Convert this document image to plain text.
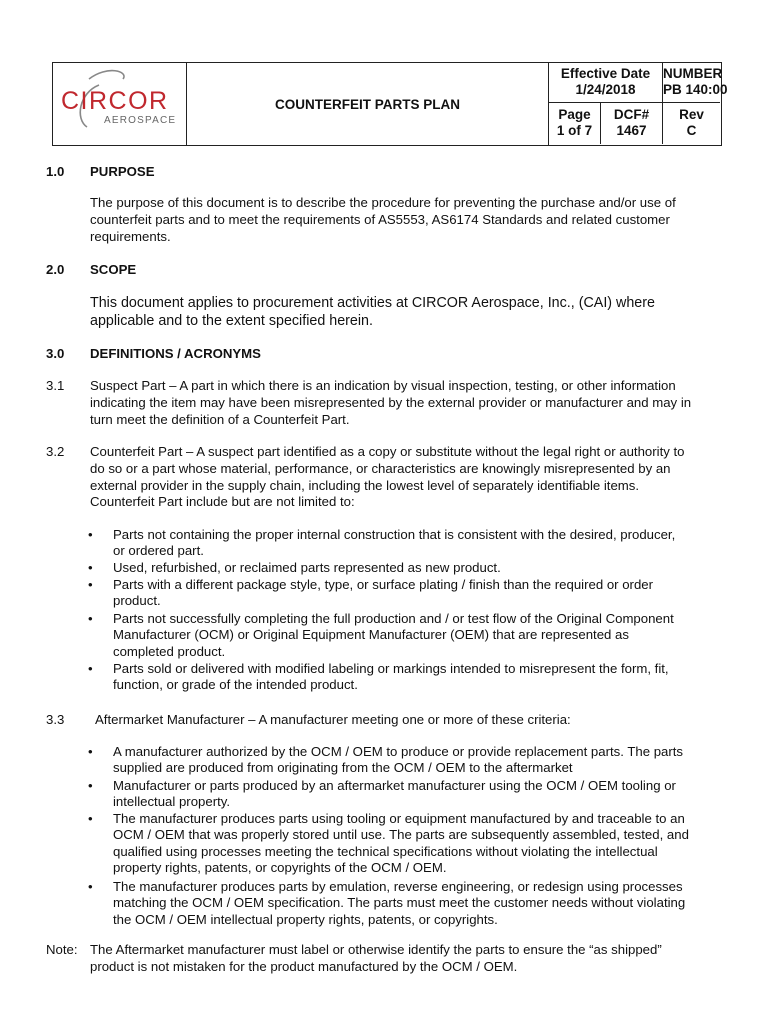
CIRCOR
AEROSPACE
COUNTERFEIT PARTS PLAN
Effective Date
1/24/2018
NUMBER
PB 140:00
Page
1 of 7
DCF#
1467
Rev
C
1.0 PURPOSE
The purpose of this document is to describe the procedure for preventing the purchase and/or use of
counterfeit parts and to meet the requirements of AS5553, AS6174 Standards and related customer
requirements.
2.0 SCOPE
This document applies to procurement activities at CIRCOR Aerospace, Inc., (CAI) where
applicable and to the extent specified herein.
3.0 DEFINITIONS / ACRONYMS
3.1 Suspect Part – A part in which there is an indication by visual inspection, testing, or other information
indicating the item may have been misrepresented by the external provider or manufacturer and may in
turn meet the definition of a Counterfeit Part.
3.2 Counterfeit Part – A suspect part identified as a copy or substitute without the legal right or authority to
do so or a part whose material, performance, or characteristics are knowingly misrepresented by an
external provider in the supply chain, including the lowest level of separately identifiable items.
Counterfeit Part include but are not limited to:
• Parts not containing the proper internal construction that is consistent with the desired, producer,
or ordered part.
• Used, refurbished, or reclaimed parts represented as new product.
• Parts with a different package style, type, or surface plating / finish than the required or order
product.
• Parts not successfully completing the full production and / or test flow of the Original Component
Manufacturer (OCM) or Original Equipment Manufacturer (OEM) that are represented as
completed product.
• Parts sold or delivered with modified labeling or markings intended to misrepresent the form, fit,
function, or grade of the intended product.
3.3 Aftermarket Manufacturer – A manufacturer meeting one or more of these criteria:
• A manufacturer authorized by the OCM / OEM to produce or provide replacement parts. The parts
supplied are produced from originating from the OCM / OEM to the aftermarket
• Manufacturer or parts produced by an aftermarket manufacturer using the OCM / OEM tooling or
intellectual property.
• The manufacturer produces parts using tooling or equipment manufactured by and traceable to an
OCM / OEM that was properly stored until use. The parts are subsequently assembled, tested, and
qualified using processes meeting the technical specifications without violating the intellectual
property rights, patents, or copyrights of the OCM / OEM.
• The manufacturer produces parts by emulation, reverse engineering, or redesign using processes
matching the OCM / OEM specification. The parts must meet the customer needs without violating
the OCM / OEM intellectual property rights, patents, or copyrights.
Note: The Aftermarket manufacturer must label or otherwise identify the parts to ensure the “as shipped”
product is not mistaken for the product manufactured by the OCM / OEM.
